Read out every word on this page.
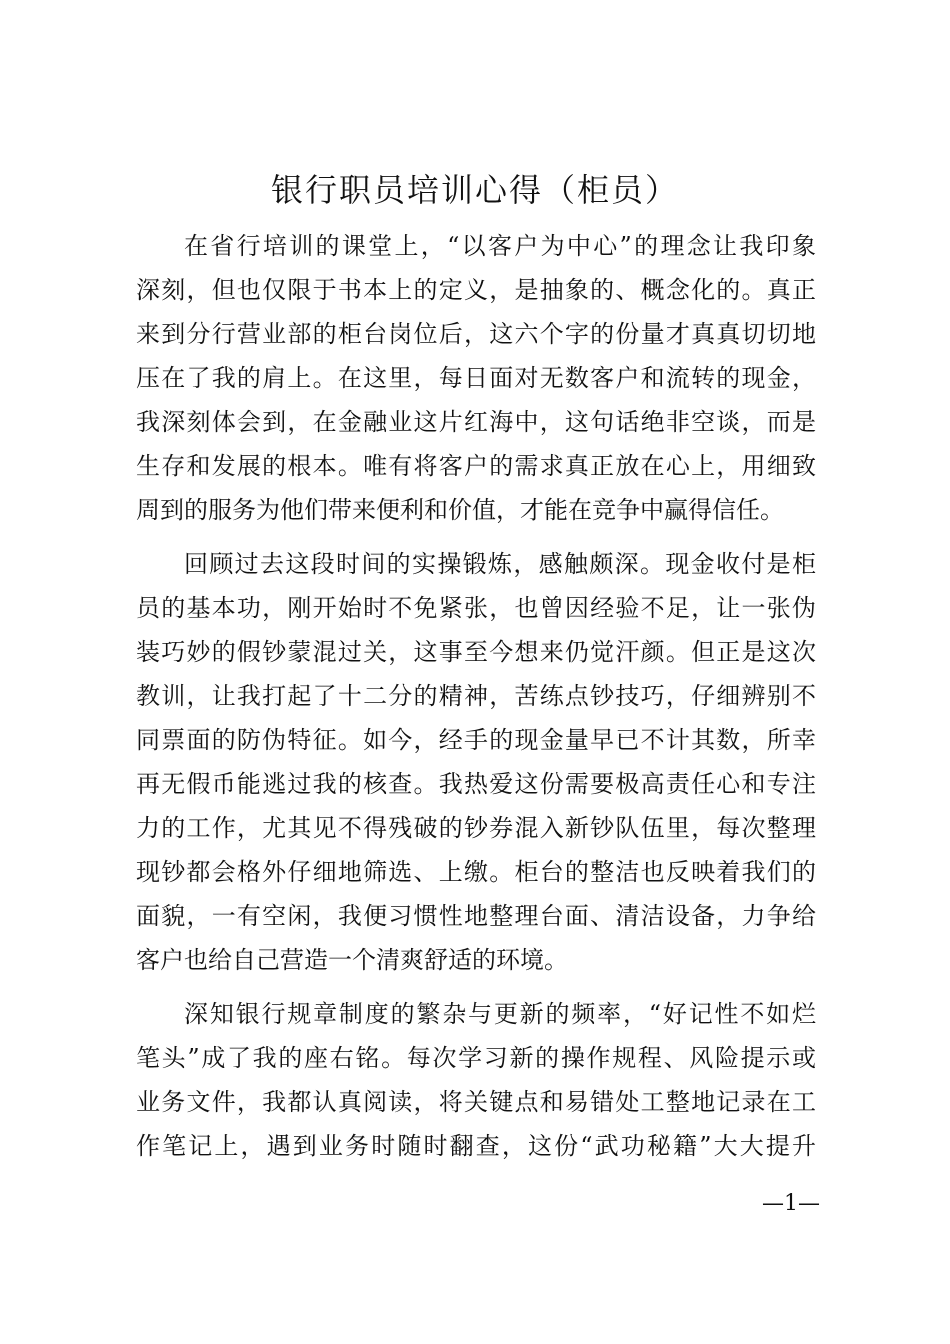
银行职员培训心得（柜员）
在省行培训的课堂上，“以客户为中心”的理念让我印象
深刻，但也仅限于书本上的定义，是抽象的、概念化的。真正
来到分行营业部的柜台岗位后，这六个字的份量才真真切切地
压在了我的肩上。在这里，每日面对无数客户和流转的现金，
我深刻体会到，在金融业这片红海中，这句话绝非空谈，而是
生存和发展的根本。唯有将客户的需求真正放在心上，用细致
周到的服务为他们带来便利和价值，才能在竞争中赢得信任。
回顾过去这段时间的实操锻炼，感触颇深。现金收付是柜
员的基本功，刚开始时不免紧张，也曾因经验不足，让一张伪
装巧妙的假钞蒙混过关，这事至今想来仍觉汗颜。但正是这次
教训，让我打起了十二分的精神，苦练点钞技巧，仔细辨别不
同票面的防伪特征。如今，经手的现金量早已不计其数，所幸
再无假币能逃过我的核查。我热爱这份需要极高责任心和专注
力的工作，尤其见不得残破的钞券混入新钞队伍里，每次整理
现钞都会格外仔细地筛选、上缴。柜台的整洁也反映着我们的
面貌，一有空闲，我便习惯性地整理台面、清洁设备，力争给
客户也给自己营造一个清爽舒适的环境。
深知银行规章制度的繁杂与更新的频率，“好记性不如烂
笔头”成了我的座右铭。每次学习新的操作规程、风险提示或
业务文件，我都认真阅读，将关键点和易错处工整地记录在工
作笔记上，遇到业务时随时翻查，这份“武功秘籍”大大提升
—1—
